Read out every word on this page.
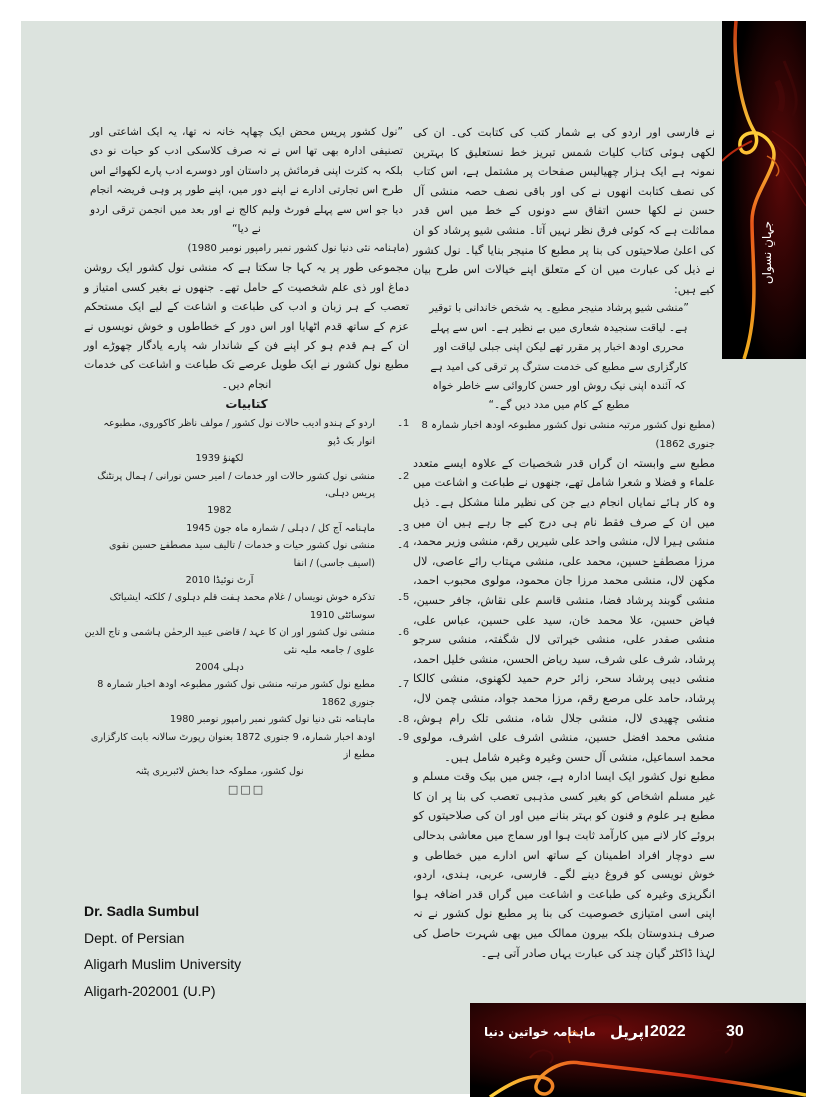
جہانِ نسواں

نے فارسی اور اردو کی بے شمار کتب کی کتابت کی۔ ان کی لکھی ہوئی کتاب کلیات شمس تبریز خط نستعلیق کا بہترین نمونہ ہے ایک ہزار چھیالیس صفحات پر مشتمل ہے، اس کتاب کی نصف کتابت انھوں نے کی اور باقی نصف حصہ منشی آل حسن نے لکھا حسن اتفاق سے دونوں کے خط میں اس قدر مماثلت ہے کہ کوئی فرق نظر نہیں آتا۔ منشی شیو پرشاد کو ان کی اعلیٰ صلاحیتوں کی بنا پر مطبع کا منیجر بنایا گیا۔ نول کشور نے ذیل کی عبارت میں ان کے متعلق اپنے خیالات اس طرح بیان کیے ہیں:

”منشی شیو پرشاد منیجر مطبع۔ یہ شخص خاندانی با توقیر ہے۔ لیاقت سنجیدہ شعاری میں بے نظیر ہے۔ اس سے پہلے محرری اودھ اخبار پر مقرر تھے لیکن اپنی جبلی لیاقت اور کارگزاری سے مطبع کی خدمت سترگ پر ترقی کی امید ہے کہ آئندہ اپنی نیک روش اور حسن کاروائی سے خاطر خواہ مطبع کے کام میں مدد دیں گے۔“

(مطبع نول کشور مرتبہ منشی نول کشور مطبوعہ اودھ اخبار شمارہ 8 جنوری 1862)

مطبع سے وابستہ ان گراں قدر شخصیات کے علاوہ ایسے متعدد علماء و فضلا و شعرا شامل تھے، جنھوں نے طباعت و اشاعت میں وہ کار ہائے نمایاں انجام دیے جن کی نظیر ملنا مشکل ہے۔ ذیل میں ان کے صرف فقط نام ہی درج کیے جا رہے ہیں ان میں منشی ہیرا لال، منشی واحد علی شیریں رقم، منشی وزیر محمد، مرزا مصطفےٰ حسین، محمد علی، منشی مہتاب رائے عاصی، لال مکھن لال، منشی محمد مرزا جان محمود، مولوی محبوب احمد، منشی گوبند پرشاد فضا، منشی قاسم علی نقاش، جافر حسین، فیاض حسین، علا محمد خان، سید علی حسین، عباس علی، منشی صفدر علی، منشی خیراتی لال شگفتہ، منشی سرجو پرشاد، شرف علی شرف، سید ریاض الحسن، منشی خلیل احمد، منشی دیبی پرشاد سحر، زائر حرم حمید لکھنوی، منشی کالکا پرشاد، حامد علی مرصع رقم، مرزا محمد جواد، منشی چمن لال، منشی چھیدی لال، منشی جلال شاہ، منشی تلک رام ہوش، منشی محمد افضل حسین، منشی اشرف علی اشرف، مولوی محمد اسماعیل، منشی آل حسن وغیرہ وغیرہ شامل ہیں۔

مطبع نول کشور ایک ایسا ادارہ ہے، جس میں بیک وقت مسلم و غیر مسلم اشخاص کو بغیر کسی مذہبی تعصب کی بنا پر ان کا مطبع ہر علوم و فنون کو بہتر بنانے میں اور ان کی صلاحیتوں کو بروئے کار لانے میں کارآمد ثابت ہوا اور سماج میں معاشی بدحالی سے دوچار افراد اطمینان کے ساتھ اس ادارے میں خطاطی و خوش نویسی کو فروغ دینے لگے۔ فارسی، عربی، ہندی، اردو، انگریزی وغیرہ کی طباعت و اشاعت میں گراں قدر اضافہ ہوا اپنی اسی امتیازی خصوصیت کی بنا پر مطبع نول کشور نے نہ صرف ہندوستان بلکہ بیرون ممالک میں بھی شہرت حاصل کی لہٰذا ڈاکٹر گیان چند کی عبارت یہاں صادر آتی ہے۔

”نول کشور پریس محض ایک چھاپہ خانہ نہ تھا، یہ ایک اشاعتی اور تصنیفی ادارہ بھی تھا اس نے نہ صرف کلاسکی ادب کو حیات نو دی بلکہ بہ کثرت اپنی فرمائش پر داستان اور دوسرے ادب پارے لکھوائے اس طرح اس تجارتی ادارے نے اپنے دور میں، اپنے طور پر وہی فریضہ انجام دیا جو اس سے پہلے فورٹ ولیم کالج نے اور بعد میں انجمن ترقی اردو نے دیا“

(ماہنامہ نئی دنیا نول کشور نمبر رامپور نومبر 1980)

مجموعی طور پر یہ کہا جا سکتا ہے کہ منشی نول کشور ایک روشن دماغ اور ذی علم شخصیت کے حامل تھے۔ جنھوں نے بغیر کسی امتیاز و تعصب کے ہر زبان و ادب کی طباعت و اشاعت کے لیے ایک مستحکم عزم کے ساتھ قدم اٹھایا اور اس دور کے خطاطوں و خوش نویسوں نے ان کے ہم قدم ہو کر اپنے فن کے شاندار شہ پارے یادگار چھوڑے اور مطبع نول کشور نے ایک طویل عرصے تک طباعت و اشاعت کی خدمات انجام دیں۔

کتابیات
1۔
اردو کے ہندو ادیب حالات نول کشور / مولف ناظر کاکوروی، مطبوعہ انوار بک ڈپو
لکھنؤ 1939
2۔
منشی نول کشور حالات اور خدمات / امیر حسن نورانی / ہمال پرنٹنگ پریس دہلی،
1982
3۔
ماہنامہ آج کل / دہلی / شمارہ ماہ جون 1945
4۔
منشی نول کشور حیات و خدمات / تالیف سید مصطفےٰ حسین نقوی (اسیف جاسی) / انفا
آرٹ نوئیڈا 2010
5۔
تذکرہ خوش نویساں / غلام محمد ہفت قلم دہلوی / کلکتہ ایشیاٹک سوسائٹی 1910
6۔
منشی نول کشور اور ان کا عہد / قاضی عبید الرحمٰن ہاشمی و تاج الدین علوی / جامعہ ملیہ نئی
دہلی 2004
7۔
مطبع نول کشور مرتبہ منشی نول کشور مطبوعہ اودھ اخبار شمارہ 8 جنوری 1862
8۔
ماہنامہ نئی دنیا نول کشور نمبر رامپور نومبر 1980
9۔
اودھ اخبار شمارہ، 9 جنوری 1872 بعنوان رپورٹ سالانہ بابت کارگزاری مطبع از
نول کشور، مملوکہ خدا بخش لائبریری پٹنہ
□□□
Dr. Sadla Sumbul
Dept. of Persian
Aligarh Muslim University
Aligarh-202001 (U.P)
ماہنامہ خواتین دنیا اپریل 2022	30
